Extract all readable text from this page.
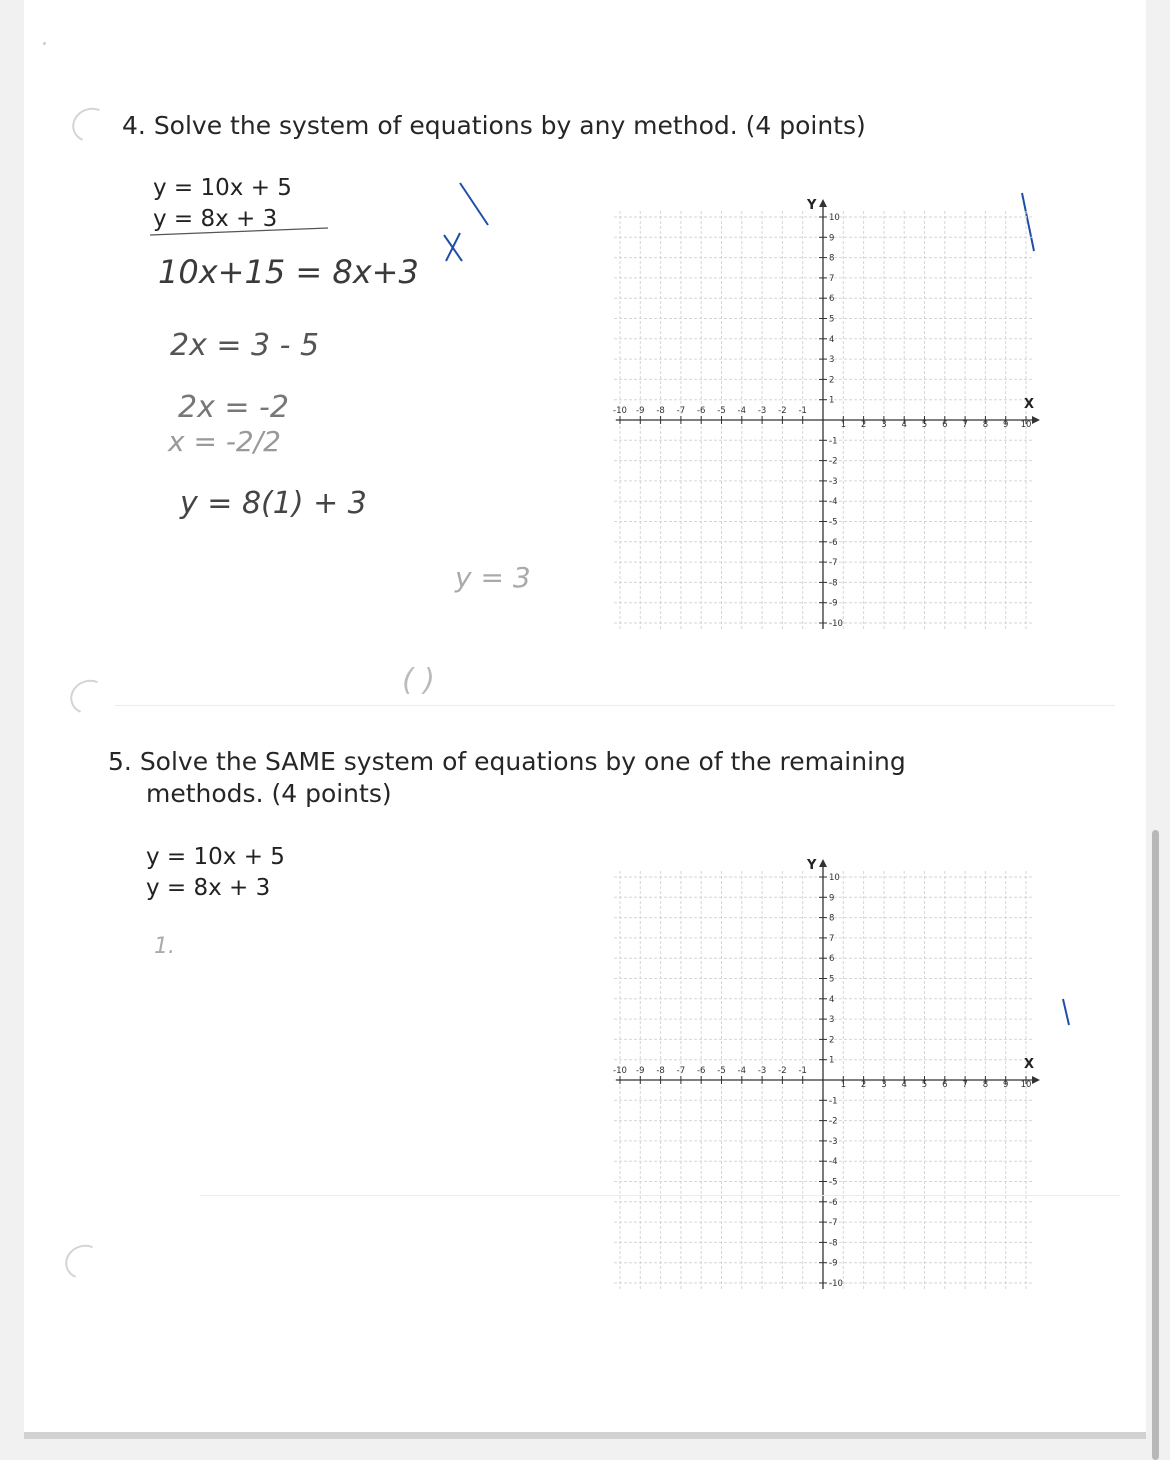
4. Solve the system of equations by any method. (4 points)
y = 10x + 5
y = 8x + 3
10x+15 = 8x+3
2x = 3 - 5
2x = -2
x = -2/2
y = 8(1) + 3
y = 3
( )
-10 -9 -8 -7 -6 -5 -4 -3 -2 -1
1 2 3 4 5 6 7 8 9 10
10
9
8
7
6
5
4
3
2
1
-1
-2
-3
-4
-5
-6
-7
-8
-9
-10
X
Y
5. Solve the SAME system of equations by one of the remaining
methods. (4 points)
y = 10x + 5
y = 8x + 3
1.
-10 -9 -8 -7 -6 -5 -4 -3 -2 -1
1 2 3 4 5 6 7 8 9 10
10
9
8
7
6
5
4
3
2
1
-1
-2
-3
-4
-5
-6
-7
-8
-9
-10
X
Y
